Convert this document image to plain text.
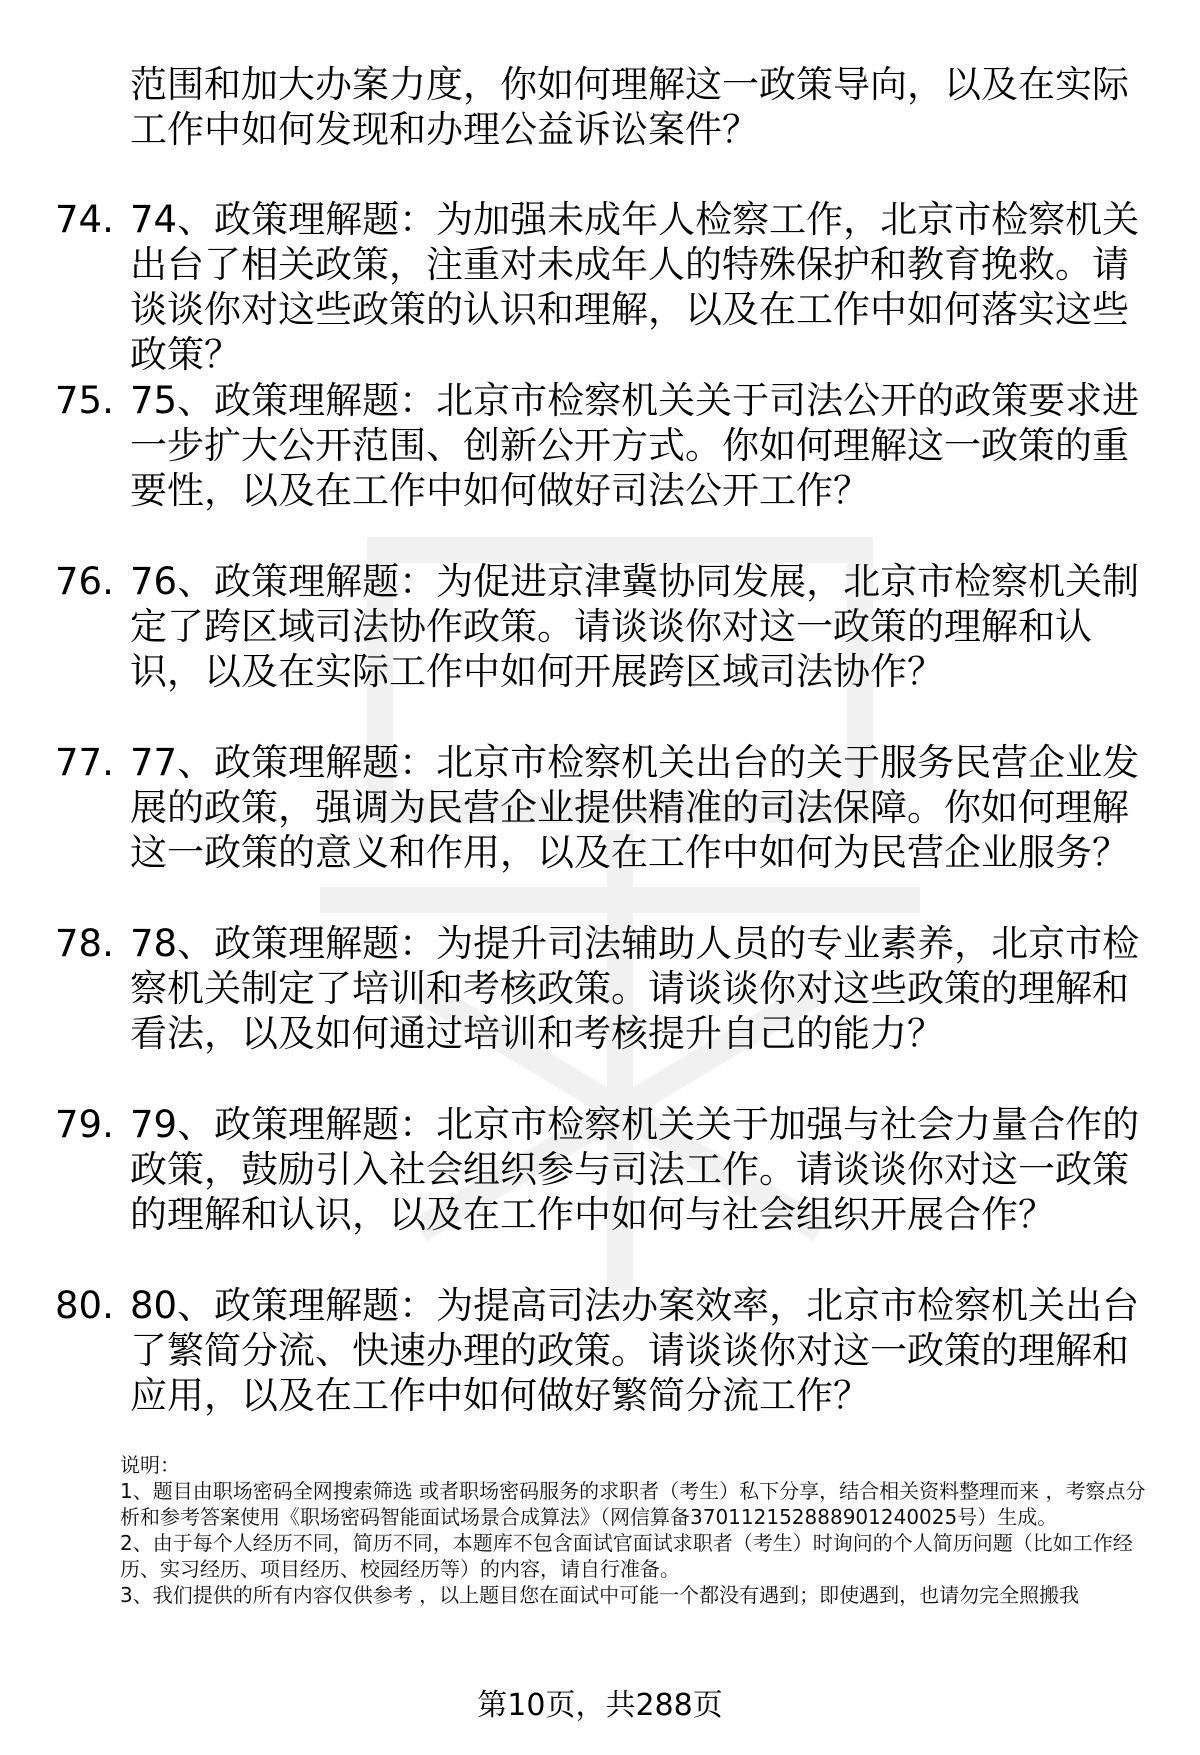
范围和加大办案力度，你如何理解这一政策导向，以及在实际工作中如何发现和办理公益诉讼案件？

74. 74、政策理解题：为加强未成年人检察工作，北京市检察机关出台了相关政策，注重对未成年人的特殊保护和教育挽救。请谈谈你对这些政策的认识和理解，以及在工作中如何落实这些政策？

75. 75、政策理解题：北京市检察机关关于司法公开的政策要求进一步扩大公开范围、创新公开方式。你如何理解这一政策的重要性，以及在工作中如何做好司法公开工作？

76. 76、政策理解题：为促进京津冀协同发展，北京市检察机关制定了跨区域司法协作政策。请谈谈你对这一政策的理解和认识，以及在实际工作中如何开展跨区域司法协作？

77. 77、政策理解题：北京市检察机关出台的关于服务民营企业发展的政策，强调为民营企业提供精准的司法保障。你如何理解这一政策的意义和作用，以及在工作中如何为民营企业服务？

78. 78、政策理解题：为提升司法辅助人员的专业素养，北京市检察机关制定了培训和考核政策。请谈谈你对这些政策的理解和看法，以及如何通过培训和考核提升自己的能力？

79. 79、政策理解题：北京市检察机关关于加强与社会力量合作的政策，鼓励引入社会组织参与司法工作。请谈谈你对这一政策的理解和认识，以及在工作中如何与社会组织开展合作？

80. 80、政策理解题：为提高司法办案效率，北京市检察机关出台了繁简分流、快速办理的政策。请谈谈你对这一政策的理解和应用，以及在工作中如何做好繁简分流工作？

说明：

1、题目由职场密码全网搜索筛选 或者职场密码服务的求职者（考生）私下分享，结合相关资料整理而来 ，考察点分析和参考答案使用《职场密码智能面试场景合成算法》（网信算备370112152888901240025号）生成。

2、由于每个人经历不同，简历不同，本题库不包含面试官面试求职者（考生）时询问的个人简历问题（比如工作经历、实习经历、项目经历、校园经历等）的内容，请自行准备。

3、我们提供的所有内容仅供参考 ，以上题目您在面试中可能一个都没有遇到；即使遇到，也请勿完全照搬我

第10页，共288页
